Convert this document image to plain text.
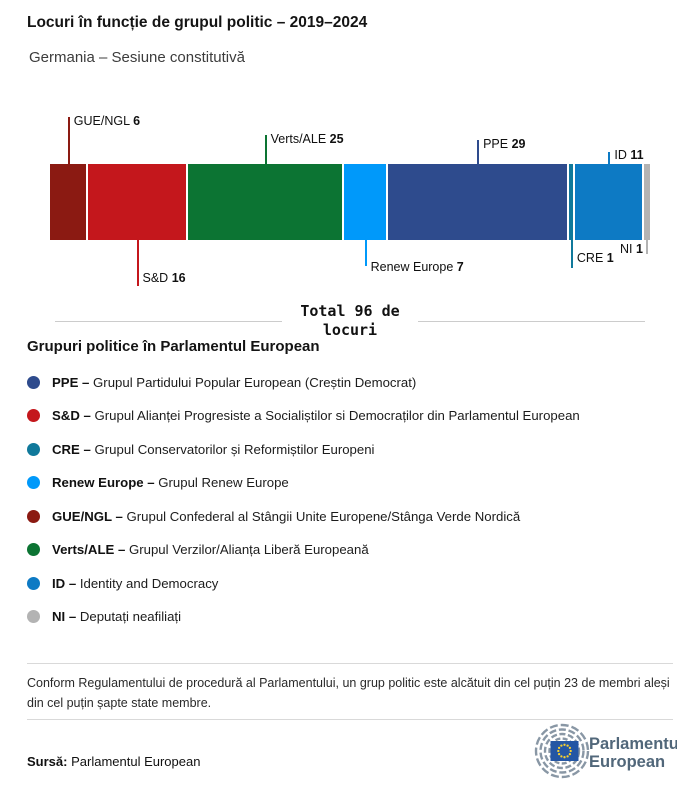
Locuri în funcție de grupul politic – 2019–2024
Germania – Sesiune constitutivă
Total 96 de locuri
Grupuri politice în Parlamentul European
PPE – Grupul Partidului Popular European (Creștin Democrat)
S&D – Grupul Alianței Progresiste a Socialiștilor si Democraților din Parlamentul European
CRE – Grupul Conservatorilor și Reformiștilor Europeni
Renew Europe – Grupul Renew Europe
GUE/NGL – Grupul Confederal al Stângii Unite Europene/Stânga Verde Nordică
Verts/ALE – Grupul Verzilor/Alianța Liberă Europeană
ID – Identity and Democracy
NI – Deputați neafiliați
Conform Regulamentului de procedură al Parlamentului, un grup politic este alcătuit din cel puțin 23 de membri aleși din cel puțin șapte state membre.
Sursă: Parlamentul European
Parlamentul
European
GUE/NGL 6
S&D 16
Verts/ALE 25
Renew Europe 7
PPE 29
CRE 1
ID 11
NI 1
